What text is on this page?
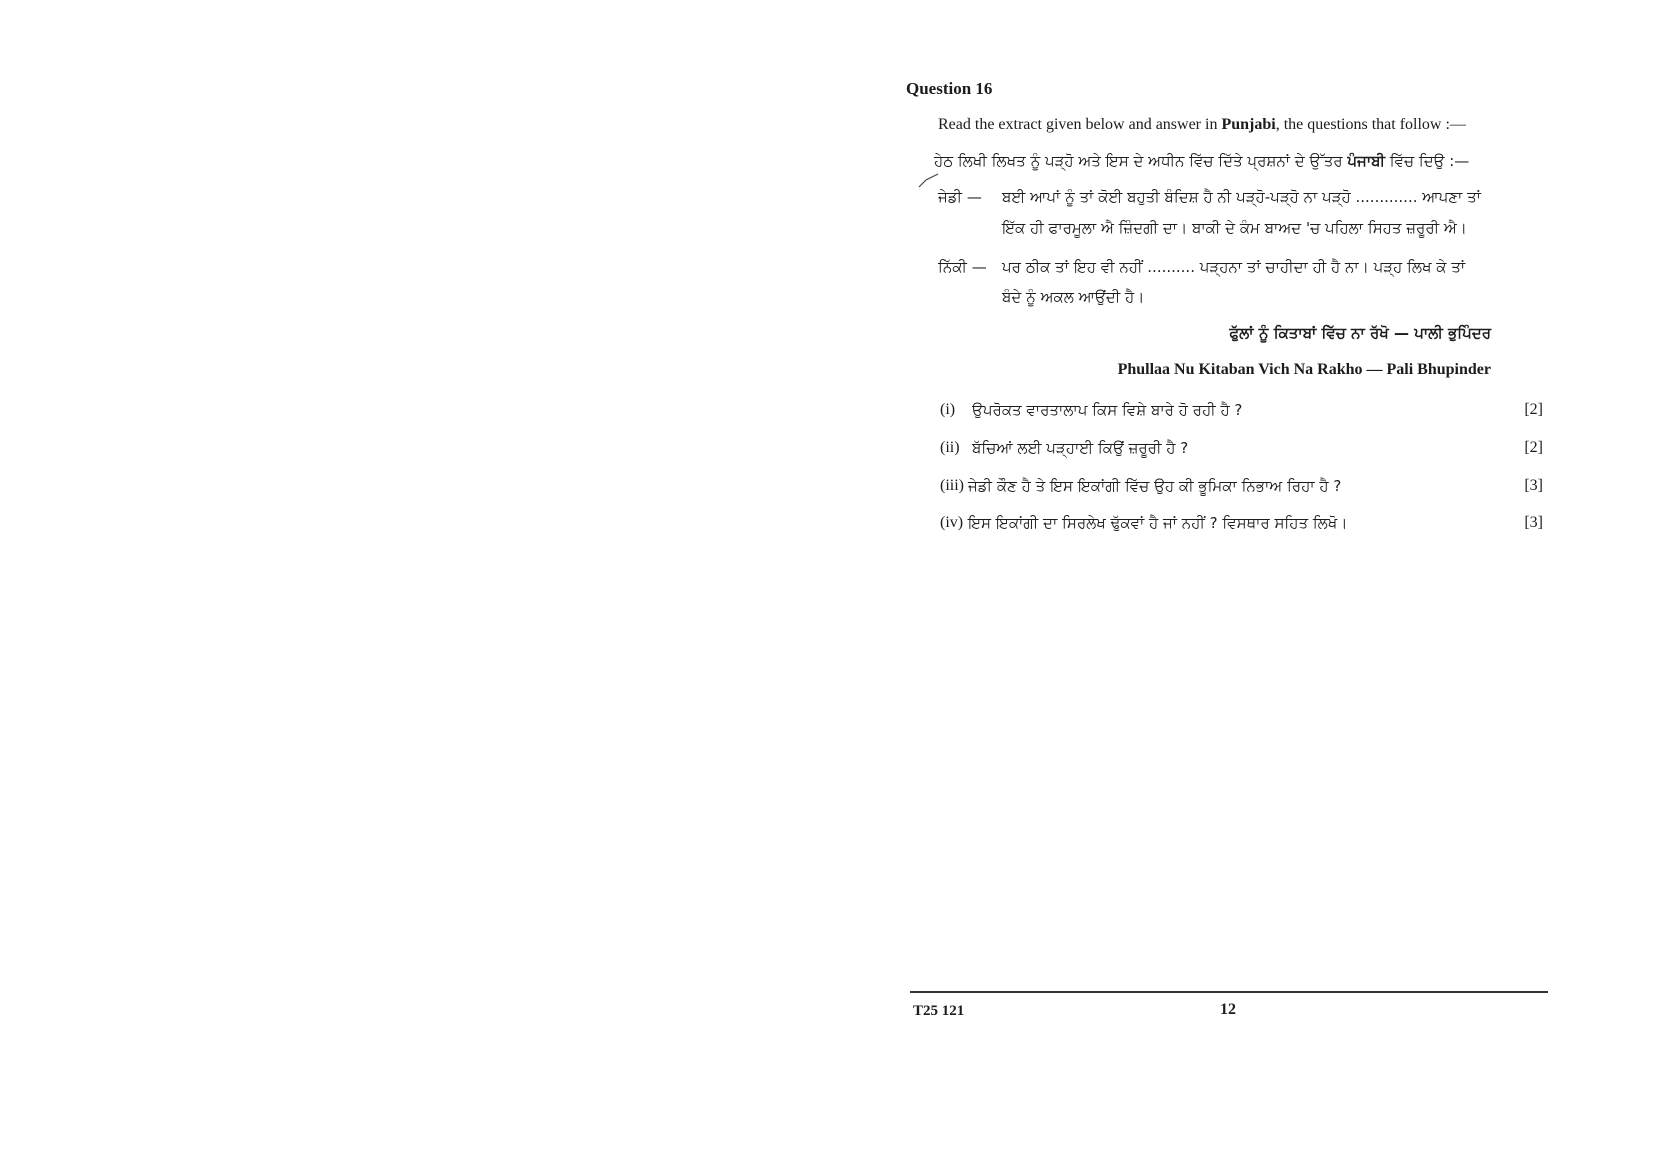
Question 16
Read the extract given below and answer in Punjabi, the questions that follow :—
ਹੇਠ ਲਿਖੀ ਲਿਖਤ ਨੂੰ ਪੜ੍ਹੋ ਅਤੇ ਇਸ ਦੇ ਅਧੀਨ ਵਿੱਚ ਦਿੱਤੇ ਪ੍ਰਸ਼ਨਾਂ ਦੇ ਉੱਤਰ ਪੰਜਾਬੀ ਵਿੱਚ ਦਿਉ :—
ਜੇਡੀ — ਬਈ ਆਪਾਂ ਨੂੰ ਤਾਂ ਕੋਈ ਬਹੁਤੀ ਬੰਦਿਸ਼ ਹੈ ਨੀ ਪੜ੍ਹੋ-ਪੜ੍ਹੋ ਨਾ ਪੜ੍ਹੋ ............. ਆਪਣਾ ਤਾਂ
ਇੱਕ ਹੀ ਫਾਰਮੂਲਾ ਐ ਜ਼ਿੰਦਗੀ ਦਾ। ਬਾਕੀ ਦੇ ਕੰਮ ਬਾਅਦ 'ਚ ਪਹਿਲਾ ਸਿਹਤ ਜ਼ਰੂਰੀ ਐ।
ਨਿੱਕੀ — ਪਰ ਠੀਕ ਤਾਂ ਇਹ ਵੀ ਨਹੀਂ .......... ਪੜ੍ਹਨਾ ਤਾਂ ਚਾਹੀਦਾ ਹੀ ਹੈ ਨਾ। ਪੜ੍ਹ ਲਿਖ ਕੇ ਤਾਂ
ਬੰਦੇ ਨੂੰ ਅਕਲ ਆਉਂਦੀ ਹੈ।
ਫੁੱਲਾਂ ਨੂੰ ਕਿਤਾਬਾਂ ਵਿੱਚ ਨਾ ਰੱਖੋ — ਪਾਲੀ ਭੁਪਿੰਦਰ
Phullaa Nu Kitaban Vich Na Rakho — Pali Bhupinder
(i) ਉਪਰੋਕਤ ਵਾਰਤਾਲਾਪ ਕਿਸ ਵਿਸ਼ੇ ਬਾਰੇ ਹੋ ਰਹੀ ਹੈ ?	[2]
(ii) ਬੱਚਿਆਂ ਲਈ ਪੜ੍ਹਾਈ ਕਿਉਂ ਜ਼ਰੂਰੀ ਹੈ ?	[2]
(iii) ਜੇਡੀ ਕੌਣ ਹੈ ਤੇ ਇਸ ਇਕਾਂਗੀ ਵਿੱਚ ਉਹ ਕੀ ਭੂਮਿਕਾ ਨਿਭਾਅ ਰਿਹਾ ਹੈ ?	[3]
(iv) ਇਸ ਇਕਾਂਗੀ ਦਾ ਸਿਰਲੇਖ ਢੁੱਕਵਾਂ ਹੈ ਜਾਂ ਨਹੀਂ ? ਵਿਸਥਾਰ ਸਹਿਤ ਲਿਖੋ।	[3]
T25 121	12
